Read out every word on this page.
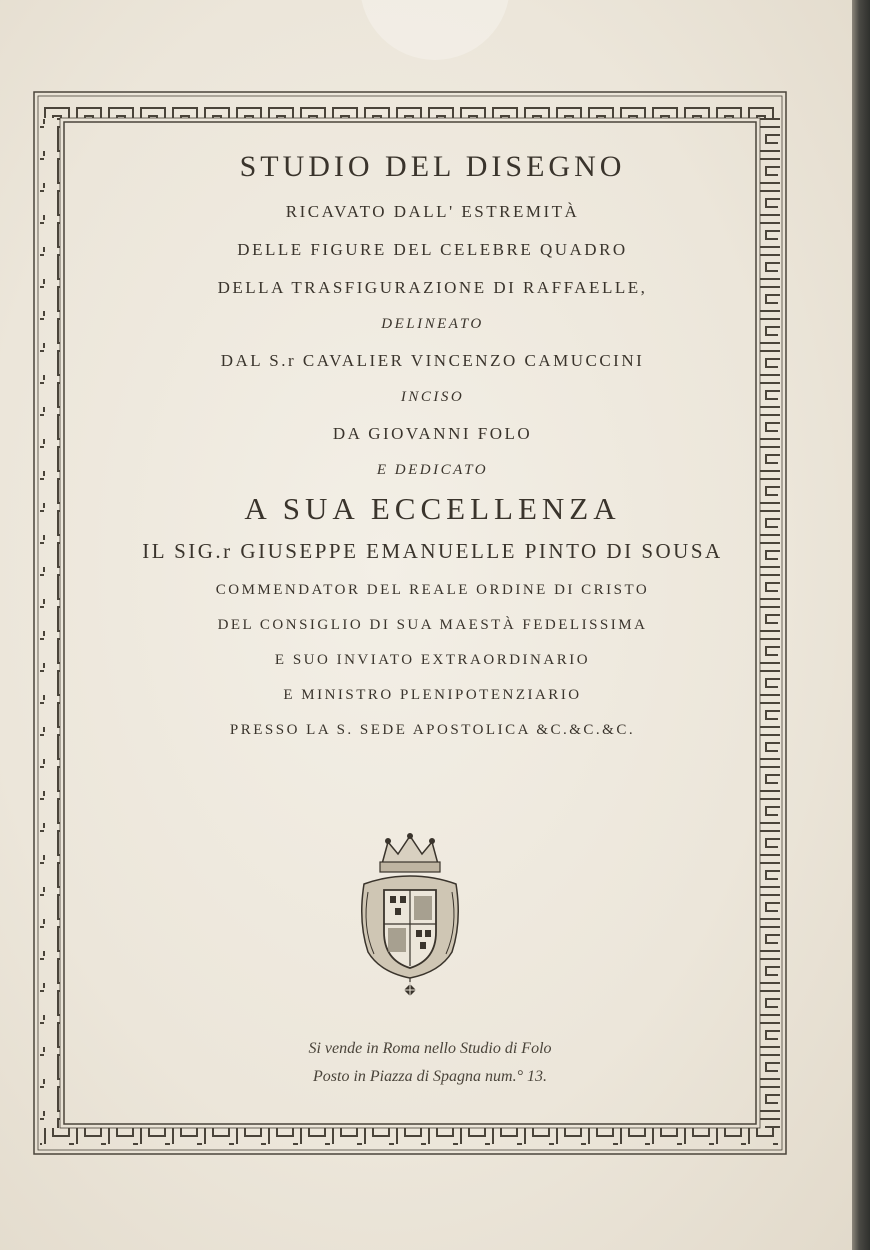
STUDIO DEL DISEGNO
RICAVATO DALL' ESTREMITÀ
DELLE FIGURE DEL CELEBRE QUADRO
DELLA TRASFIGURAZIONE DI RAFFAELLE,
DELINEATO
DAL S.r CAVALIER VINCENZO CAMUCCINI
INCISO
DA GIOVANNI FOLO
E DEDICATO
A SUA ECCELLENZA
IL SIG.r GIUSEPPE EMANUELLE PINTO DI SOUSA
COMMENDATOR DEL REALE ORDINE DI CRISTO
DEL CONSIGLIO DI SUA MAESTÀ FEDELISSIMA
E SUO INVIATO EXTRAORDINARIO
E MINISTRO PLENIPOTENZIARIO
PRESSO LA S. SEDE APOSTOLICA &C.&C.&C.
Si vende in Roma nello Studio di Folo
Posto in Piazza di Spagna num.° 13.
